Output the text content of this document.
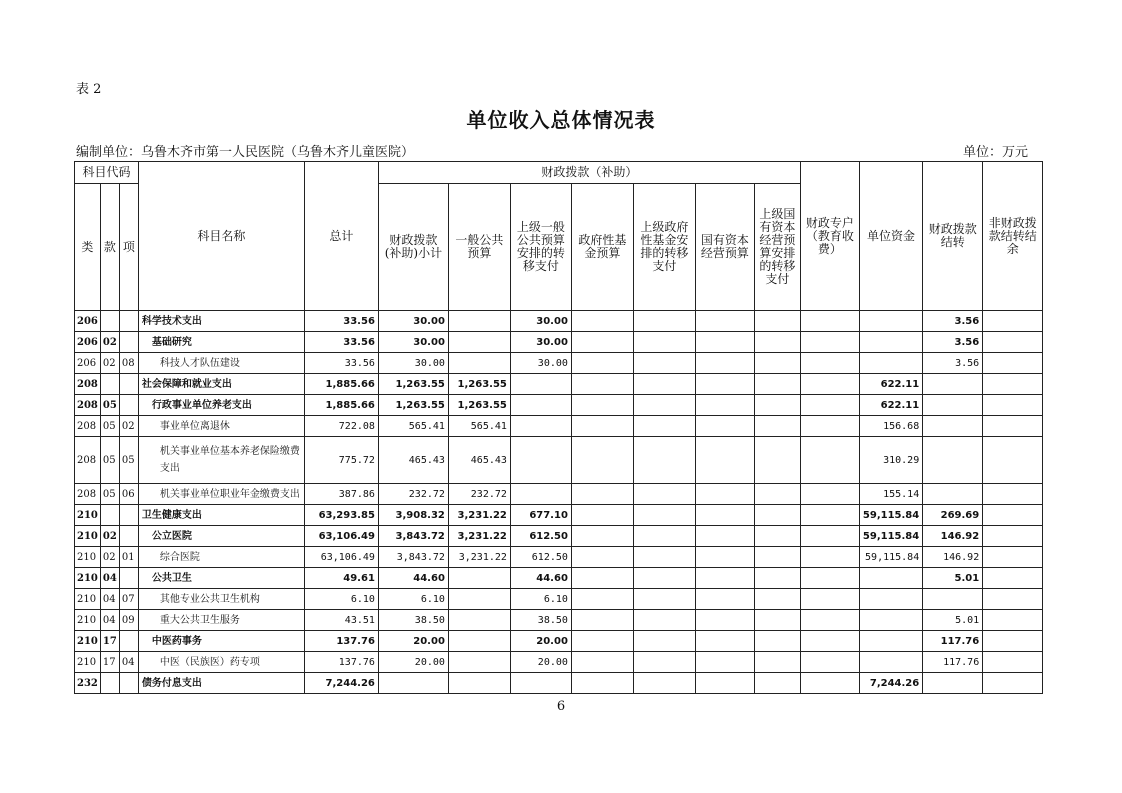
表 2
单位收入总体情况表
编制单位：乌鲁木齐市第一人民医院（乌鲁木齐儿童医院）	单位：万元
科目代码			科目名称	总计	财政拨款（补助）							财政专户（教育收费）	单位资金	财政拨款结转	非财政拨款结转结余
类	款	项			财政拨款(补助)小计	一般公共预算	上级一般公共预算安排的转移支付	政府性基金预算	上级政府性基金安排的转移支付	国有资本经营预算	上级国有资本经营预算安排的转移支付				
206			科学技术支出	33.56	30.00		30.00							3.56	
206	02		基础研究	33.56	30.00		30.00							3.56	
206	02	08	科技人才队伍建设	33.56	30.00		30.00							3.56	
208			社会保障和就业支出	1,885.66	1,263.55	1,263.55							622.11		
208	05		行政事业单位养老支出	1,885.66	1,263.55	1,263.55							622.11		
208	05	02	事业单位离退休	722.08	565.41	565.41							156.68		
208	05	05	机关事业单位基本养老保险缴费支出	775.72	465.43	465.43							310.29		
208	05	06	机关事业单位职业年金缴费支出	387.86	232.72	232.72							155.14		
210			卫生健康支出	63,293.85	3,908.32	3,231.22	677.10						59,115.84	269.69	
210	02		公立医院	63,106.49	3,843.72	3,231.22	612.50						59,115.84	146.92	
210	02	01	综合医院	63,106.49	3,843.72	3,231.22	612.50						59,115.84	146.92	
210	04		公共卫生	49.61	44.60		44.60							5.01	
210	04	07	其他专业公共卫生机构	6.10	6.10		6.10								
210	04	09	重大公共卫生服务	43.51	38.50		38.50							5.01	
210	17		中医药事务	137.76	20.00		20.00							117.76	
210	17	04	中医（民族医）药专项	137.76	20.00		20.00							117.76	
232			债务付息支出	7,244.26									7,244.26		
6
